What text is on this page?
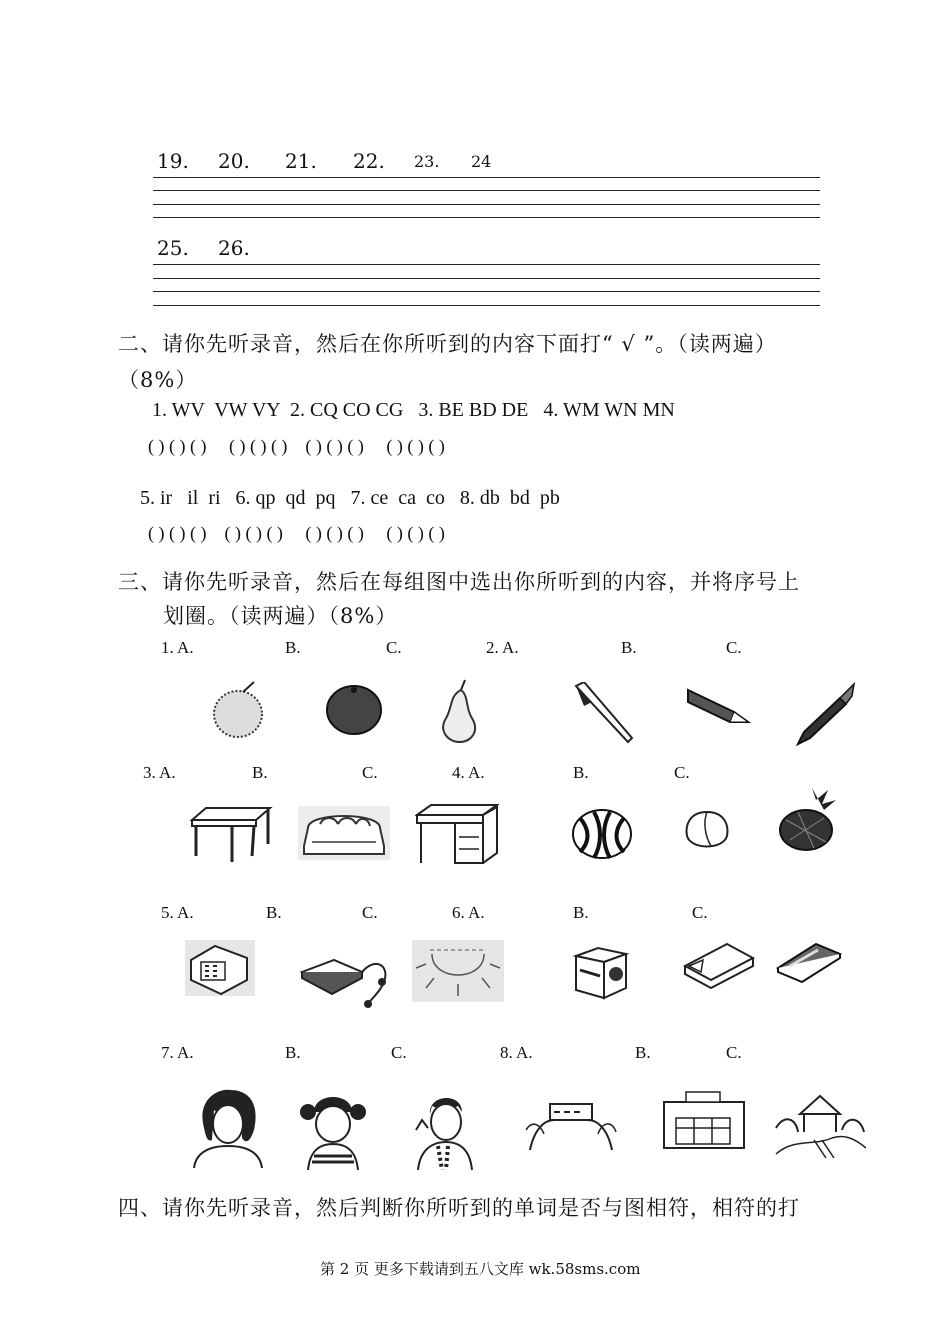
19. 20. 21. 22. 23. 24
25. 26.
二、请你先听录音，然后在你所听到的内容下面打“ √ ”。（读两遍）
（8%）
1. WV  VW VY  2. CQ CO CG   3. BE BD DE   4. WM WN MN
( ) ( ) ( )     ( ) ( ) ( )    ( ) ( ) ( )     ( ) ( ) ( )
5. ir   il  ri   6. qp  qd  pq   7. ce  ca  co   8. db  bd  pb
( ) ( ) ( )    ( ) ( ) ( )     ( ) ( ) ( )     ( ) ( ) ( )
三、请你先听录音，然后在每组图中选出你所听到的内容，并将序号上
划圈。（读两遍）（8%）
1. A.	B.	C.	2. A.	B.	C.
3. A.	B.	C.	4. A.	B.	C.
5. A.	B.	C.	6. A.	B.	C.
7. A.	B.	C.	8. A.	B.	C.
四、请你先听录音，然后判断你所听到的单词是否与图相符，相符的打
第 2 页 更多下载请到五八文库 wk.58sms.com
